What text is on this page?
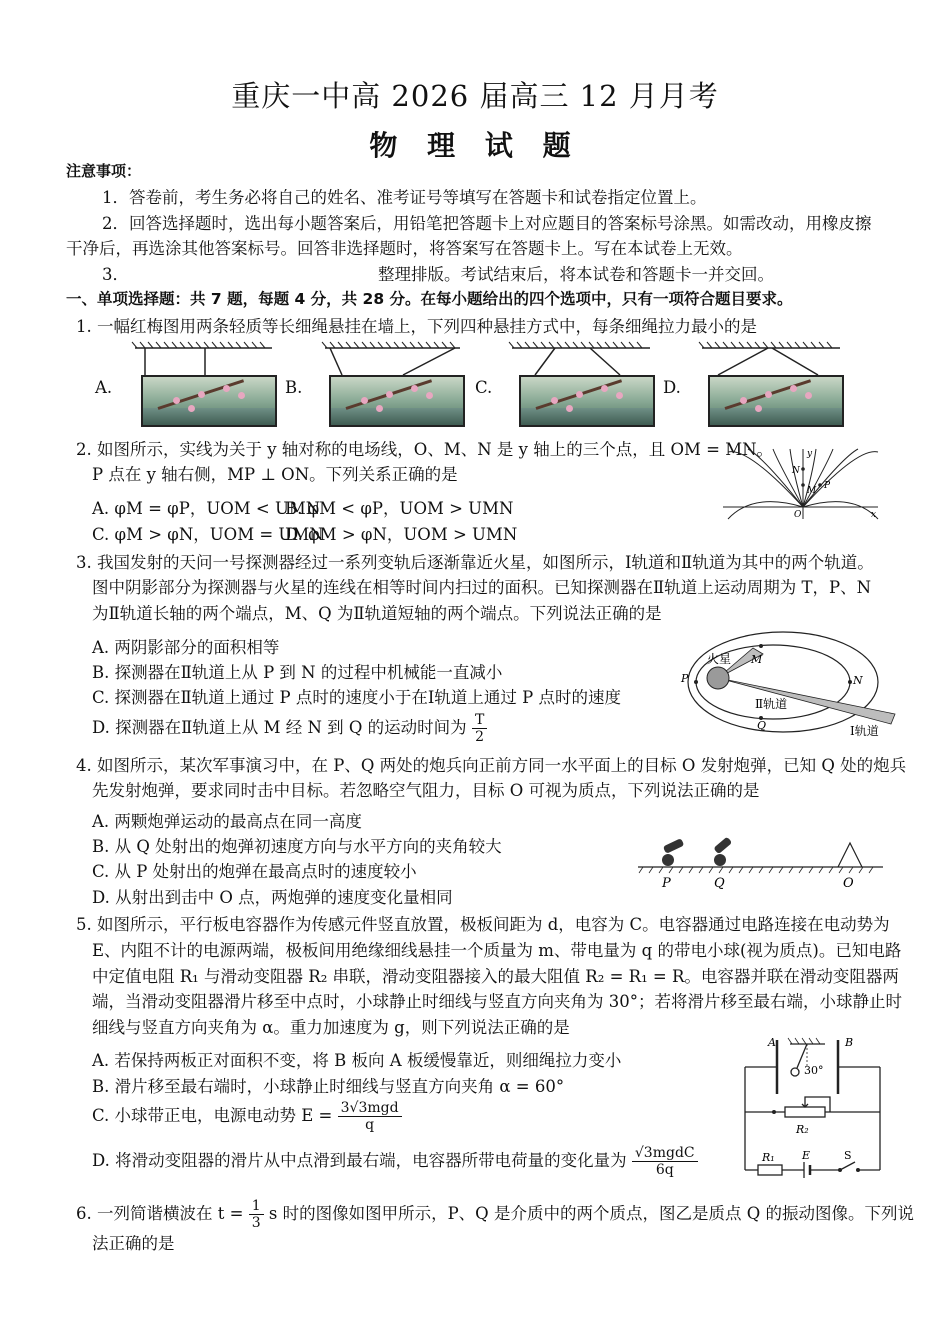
重庆一中高 2026 届高三 12 月月考
物 理 试 题
注意事项：
1．答卷前，考生务必将自己的姓名、准考证号等填写在答题卡和试卷指定位置上。
2．回答选择题时，选出每小题答案后，用铅笔把答题卡上对应题目的答案标号涂黑。如需改动，用橡皮擦
干净后，再选涂其他答案标号。回答非选择题时，将答案写在答题卡上。写在本试卷上无效。
3．	整理排版。考试结束后，将本试卷和答题卡一并交回。
一、单项选择题：共 7 题，每题 4 分，共 28 分。在每小题给出的四个选项中，只有一项符合题目要求。
1. 一幅红梅图用两条轻质等长细绳悬挂在墙上，下列四种悬挂方式中，每条细绳拉力最小的是
A.	B.	C.	D.
2. 如图所示，实线为关于 y 轴对称的电场线，O、M、N 是 y 轴上的三个点，且 OM = MN。
P 点在 y 轴右侧，MP ⊥ ON。下列关系正确的是
A. φM = φP，UOM < UMN
B. φM < φP，UOM > UMN
C. φM > φN，UOM = UMN
D. φM > φN，UOM > UMN
y
x
N
M P
O
3. 我国发射的天问一号探测器经过一系列变轨后逐渐靠近火星，如图所示，Ⅰ轨道和Ⅱ轨道为其中的两个轨道。
图中阴影部分为探测器与火星的连线在相等时间内扫过的面积。已知探测器在Ⅱ轨道上运动周期为 T，P、N
为Ⅱ轨道长轴的两个端点，M、Q 为Ⅱ轨道短轴的两个端点。下列说法正确的是
A. 两阴影部分的面积相等
B. 探测器在Ⅱ轨道上从 P 到 N 的过程中机械能一直减小
C. 探测器在Ⅱ轨道上通过 P 点时的速度小于在Ⅰ轨道上通过 P 点时的速度
D. 探测器在Ⅱ轨道上从 M 经 N 到 Q 的运动时间为 $\frac{T}{2}$
火星 M
P	N
Q
Ⅱ轨道
Ⅰ轨道
4. 如图所示，某次军事演习中，在 P、Q 两处的炮兵向正前方同一水平面上的目标 O 发射炮弹，已知 Q 处的炮兵
先发射炮弹，要求同时击中目标。若忽略空气阻力，目标 O 可视为质点，下列说法正确的是
A. 两颗炮弹运动的最高点在同一高度
B. 从 Q 处射出的炮弹初速度方向与水平方向的夹角较大
C. 从 P 处射出的炮弹在最高点时的速度较小
D. 从射出到击中 O 点，两炮弹的速度变化量相同
P	Q	O
5. 如图所示，平行板电容器作为传感元件竖直放置，极板间距为 d，电容为 C。电容器通过电路连接在电动势为
E、内阻不计的电源两端，极板间用绝缘细线悬挂一个质量为 m、带电量为 q 的带电小球(视为质点)。已知电路
中定值电阻 R₁ 与滑动变阻器 R₂ 串联，滑动变阻器接入的最大阻值 R₂ = R₁ = R。电容器并联在滑动变阻器两
端，当滑动变阻器滑片移至中点时，小球静止时细线与竖直方向夹角为 30°；若将滑片移至最右端，小球静止时
细线与竖直方向夹角为 α。重力加速度为 g，则下列说法正确的是
A. 若保持两板正对面积不变，将 B 板向 A 板缓慢靠近，则细绳拉力变小
B. 滑片移至最右端时，小球静止时细线与竖直方向夹角 α = 60°
C. 小球带正电，电源电动势 $E = \frac{\text{3√3mgd}}{q}$
D. 将滑动变阻器的滑片从中点滑到最右端，电容器所带电荷量的变化量为 $\frac{\text{√3mgdC}}{6q}$
A	B
30°
R₂
R₁ E	S
6. 一列简谐横波在 $t = \frac{1}{3}$ s 时的图像如图甲所示，P、Q 是介质中的两个质点，图乙是质点 Q 的振动图像。下列说
法正确的是
